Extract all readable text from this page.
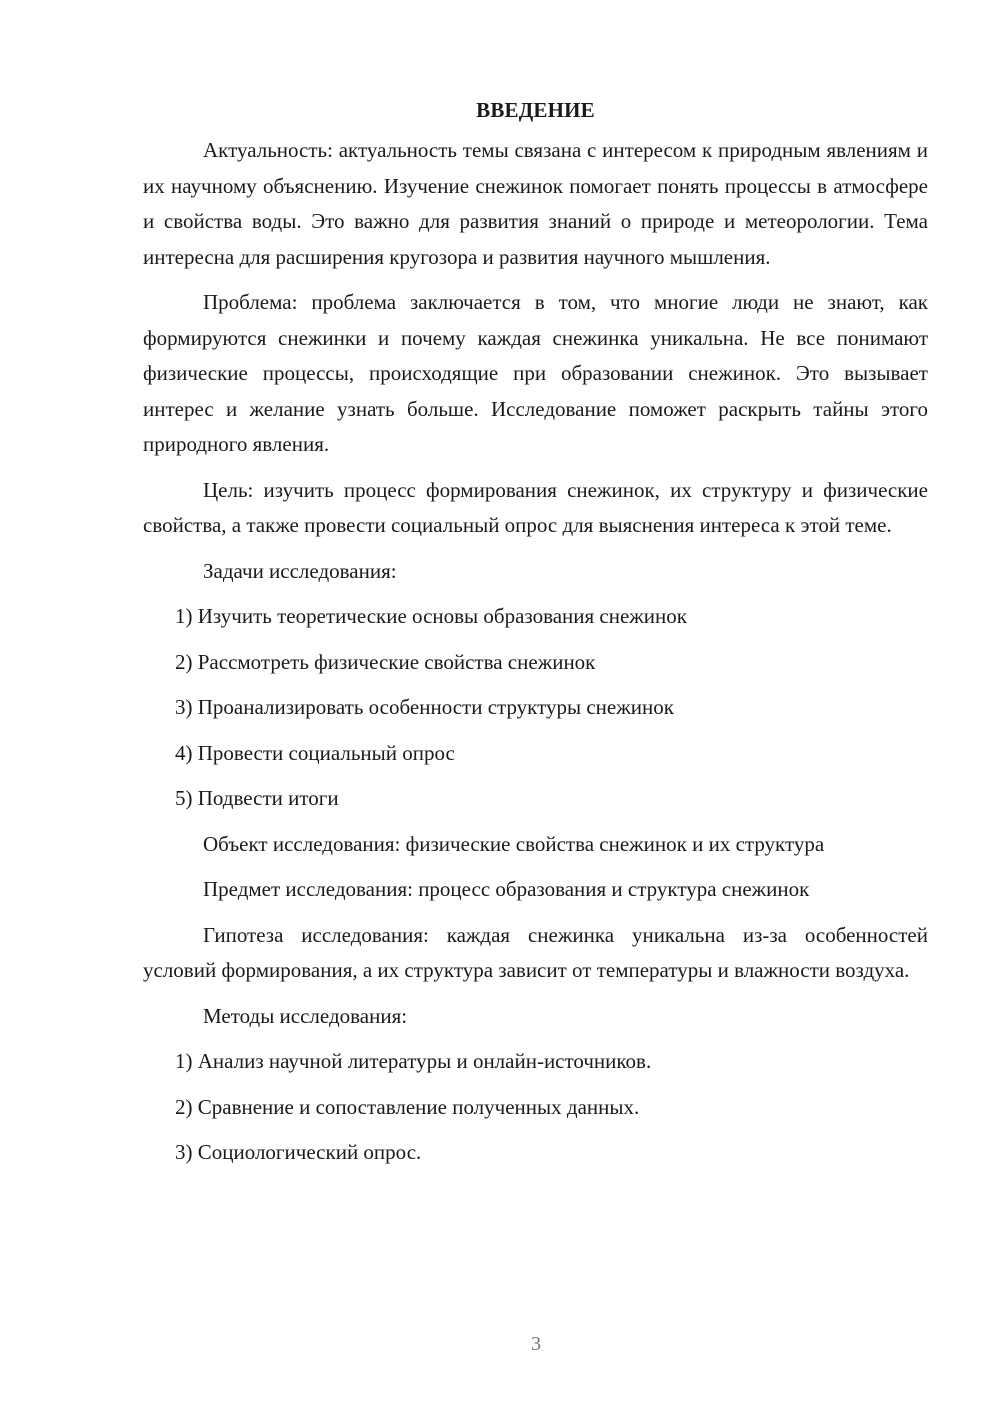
ВВЕДЕНИЕ

Актуальность: актуальность темы связана с интересом к природным явлениям и их научному объяснению. Изучение снежинок помогает понять процессы в атмосфере и свойства воды. Это важно для развития знаний о природе и метеорологии. Тема интересна для расширения кругозора и развития научного мышления.

Проблема: проблема заключается в том, что многие люди не знают, как формируются снежинки и почему каждая снежинка уникальна. Не все понимают физические процессы, происходящие при образовании снежинок. Это вызывает интерес и желание узнать больше. Исследование поможет раскрыть тайны этого природного явления.

Цель: изучить процесс формирования снежинок, их структуру и физические свойства, а также провести социальный опрос для выяснения интереса к этой теме.

Задачи исследования:
1) Изучить теоретические основы образования снежинок
2) Рассмотреть физические свойства снежинок
3) Проанализировать особенности структуры снежинок
4) Провести социальный опрос
5) Подвести итоги

Объект исследования: физические свойства снежинок и их структура

Предмет исследования: процесс образования и структура снежинок

Гипотеза исследования: каждая снежинка уникальна из-за особенностей условий формирования, а их структура зависит от температуры и влажности воздуха.

Методы исследования:
1) Анализ научной литературы и онлайн-источников.
2) Сравнение и сопоставление полученных данных.
3) Социологический опрос.
3
